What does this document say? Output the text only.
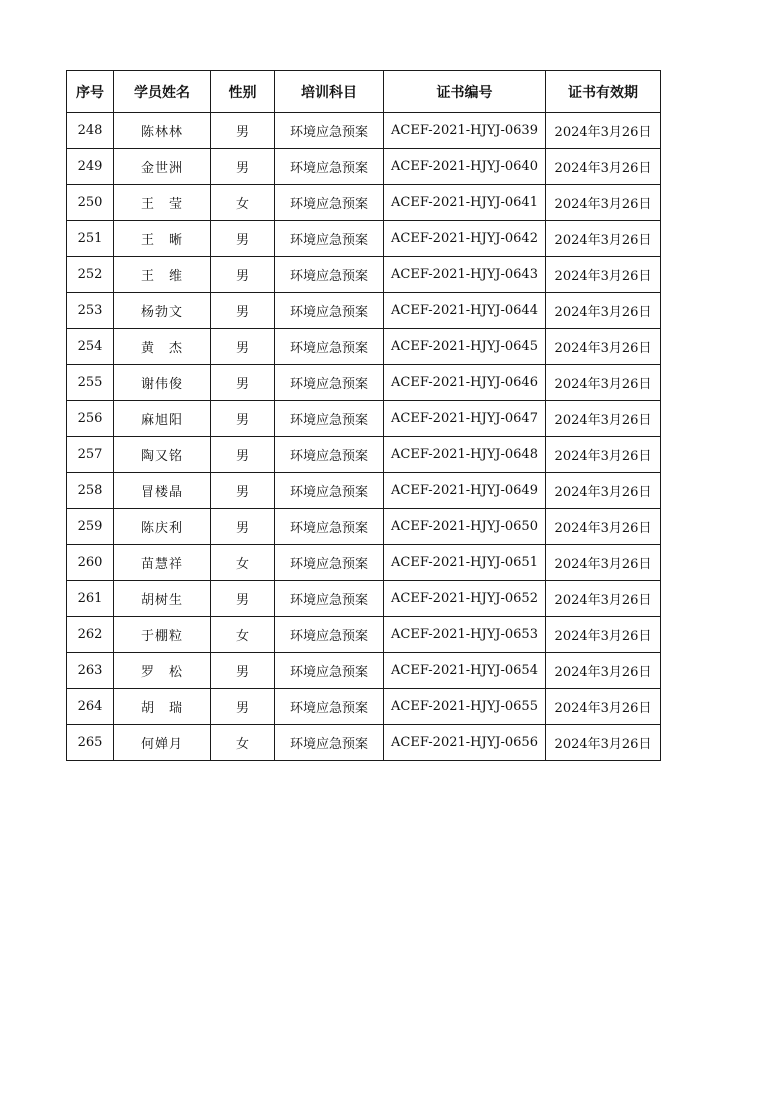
序号	学员姓名	性别	培训科目	证书编号	证书有效期
248	陈林林	男	环境应急预案	ACEF-2021-HJYJ-0639	2024年3月26日
249	金世洲	男	环境应急预案	ACEF-2021-HJYJ-0640	2024年3月26日
250	王　莹	女	环境应急预案	ACEF-2021-HJYJ-0641	2024年3月26日
251	王　晰	男	环境应急预案	ACEF-2021-HJYJ-0642	2024年3月26日
252	王　维	男	环境应急预案	ACEF-2021-HJYJ-0643	2024年3月26日
253	杨勃文	男	环境应急预案	ACEF-2021-HJYJ-0644	2024年3月26日
254	黄　杰	男	环境应急预案	ACEF-2021-HJYJ-0645	2024年3月26日
255	谢伟俊	男	环境应急预案	ACEF-2021-HJYJ-0646	2024年3月26日
256	麻旭阳	男	环境应急预案	ACEF-2021-HJYJ-0647	2024年3月26日
257	陶又铭	男	环境应急预案	ACEF-2021-HJYJ-0648	2024年3月26日
258	冒楼晶	男	环境应急预案	ACEF-2021-HJYJ-0649	2024年3月26日
259	陈庆利	男	环境应急预案	ACEF-2021-HJYJ-0650	2024年3月26日
260	苗慧祥	女	环境应急预案	ACEF-2021-HJYJ-0651	2024年3月26日
261	胡树生	男	环境应急预案	ACEF-2021-HJYJ-0652	2024年3月26日
262	于棚粒	女	环境应急预案	ACEF-2021-HJYJ-0653	2024年3月26日
263	罗　松	男	环境应急预案	ACEF-2021-HJYJ-0654	2024年3月26日
264	胡　瑞	男	环境应急预案	ACEF-2021-HJYJ-0655	2024年3月26日
265	何婵月	女	环境应急预案	ACEF-2021-HJYJ-0656	2024年3月26日
